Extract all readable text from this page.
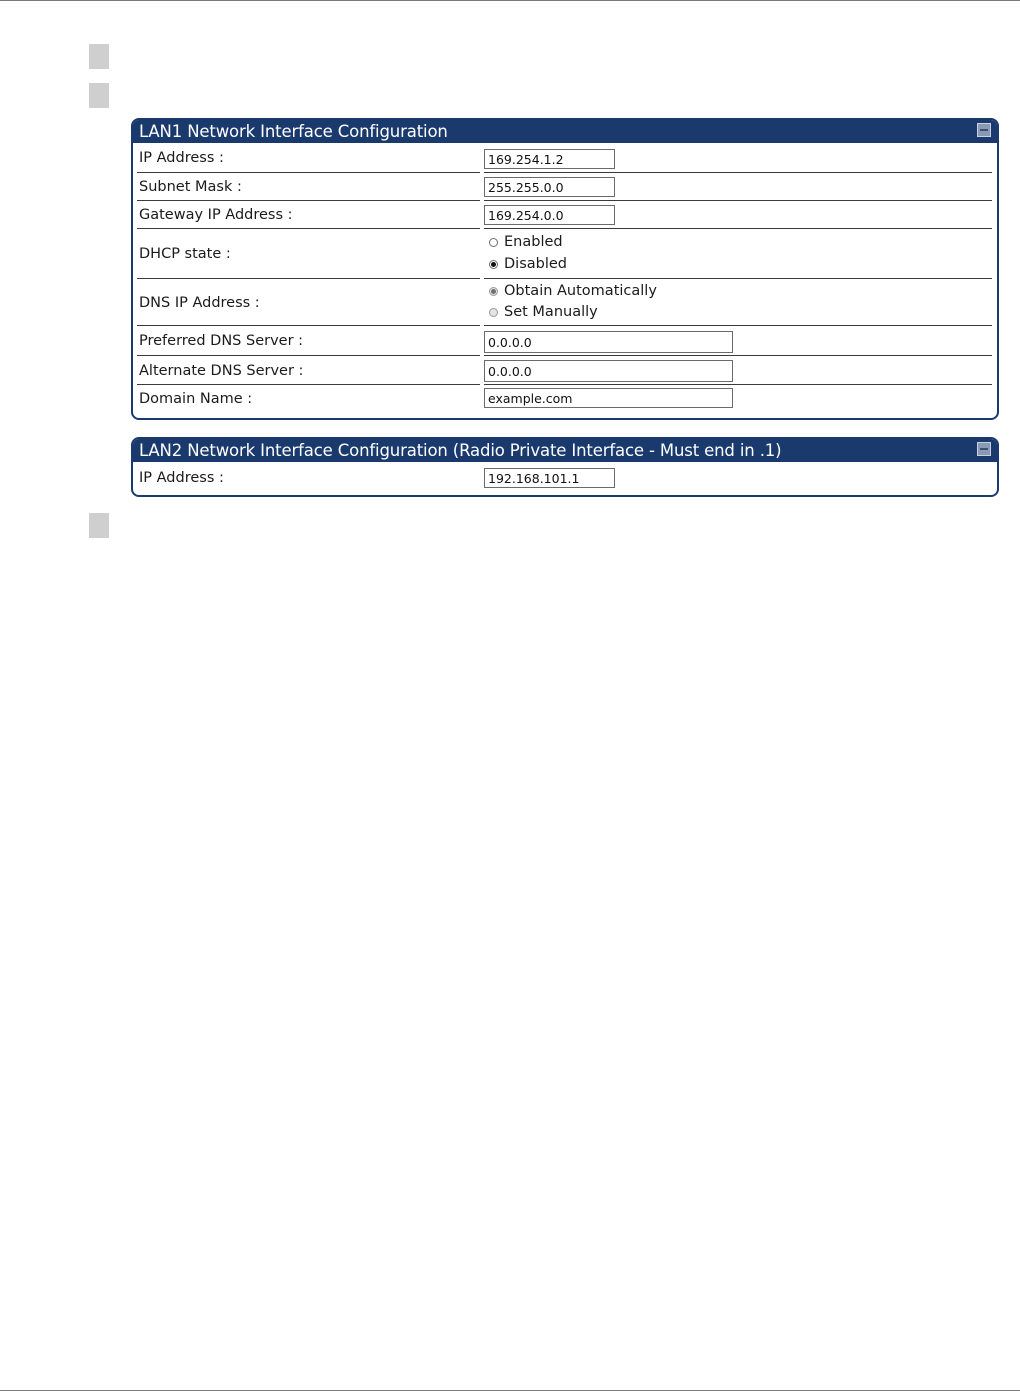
LAN1 Network Interface Configuration
IP Address :
169.254.1.2
Subnet Mask :
255.255.0.0
Gateway IP Address :
169.254.0.0
DHCP state :
Enabled
Disabled
DNS IP Address :
Obtain Automatically
Set Manually
Preferred DNS Server :
0.0.0.0
Alternate DNS Server :
0.0.0.0
Domain Name :
example.com
LAN2 Network Interface Configuration (Radio Private Interface - Must end in .1)
IP Address :
192.168.101.1
